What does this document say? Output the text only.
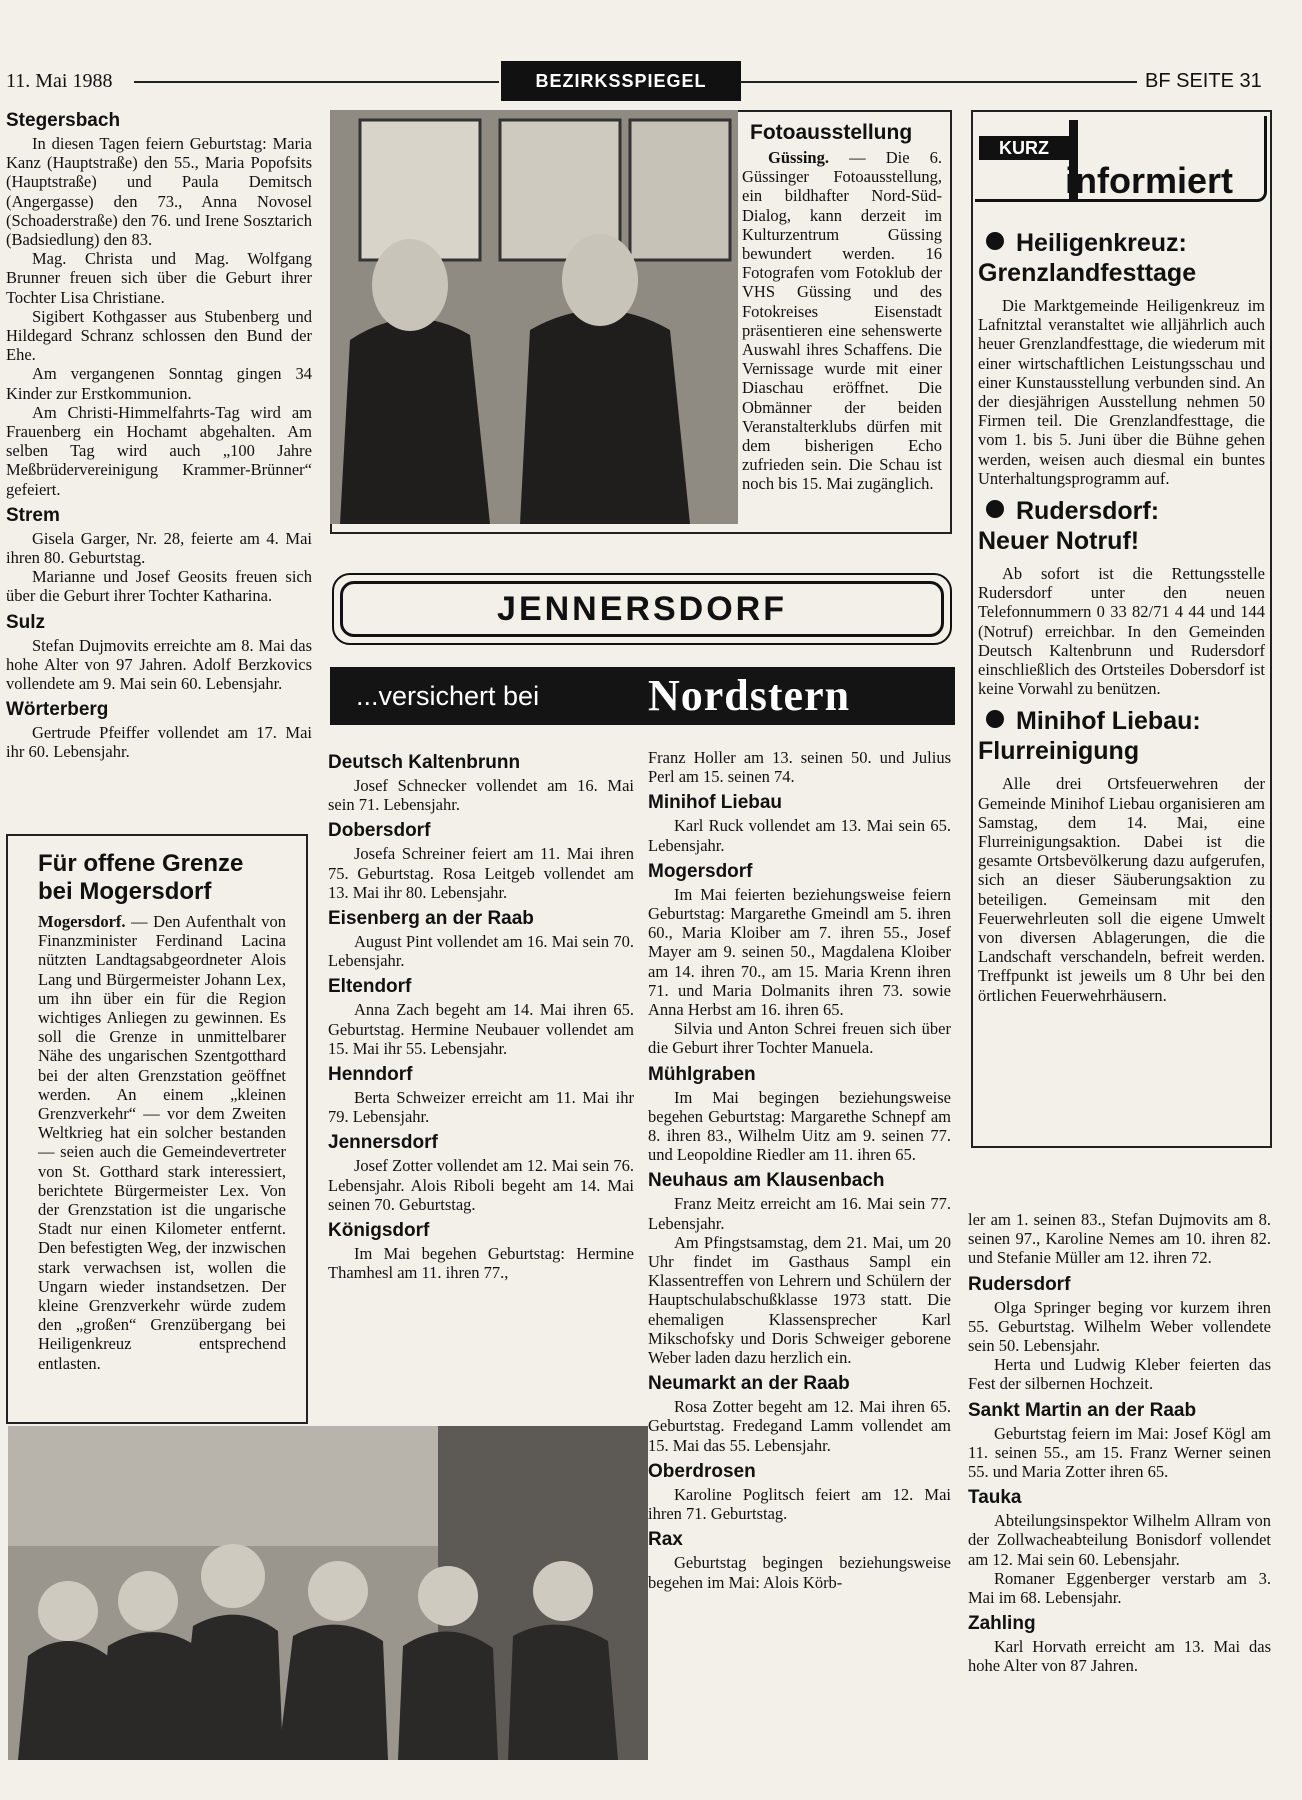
11. Mai 1988	BEZIRKSSPIEGEL	BF SEITE 31
Stegersbach

In diesen Tagen feiern Geburtstag: Maria Kanz (Hauptstraße) den 55., Maria Popofsits (Hauptstraße) und Paula Demitsch (Angergasse) den 73., Anna Novosel (Schoaderstraße) den 76. und Irene Sosztarich (Badsiedlung) den 83.

Mag. Christa und Mag. Wolfgang Brunner freuen sich über die Geburt ihrer Tochter Lisa Christiane.

Sigibert Kothgasser aus Stubenberg und Hildegard Schranz schlossen den Bund der Ehe.

Am vergangenen Sonntag gingen 34 Kinder zur Erstkommunion.

Am Christi-Himmelfahrts-Tag wird am Frauenberg ein Hochamt abgehalten. Am selben Tag wird auch „100 Jahre Meßbrüdervereinigung Krammer-Brünner“ gefeiert.

Strem

Gisela Garger, Nr. 28, feierte am 4. Mai ihren 80. Geburtstag.

Marianne und Josef Geosits freuen sich über die Geburt ihrer Tochter Katharina.

Sulz

Stefan Dujmovits erreichte am 8. Mai das hohe Alter von 97 Jahren. Adolf Berzkovics vollendete am 9. Mai sein 60. Lebensjahr.

Wörterberg

Gertrude Pfeiffer vollendet am 17. Mai ihr 60. Lebensjahr.

Für offene Grenze
bei Mogersdorf

Mogersdorf. — Den Aufenthalt von Finanzminister Ferdinand Lacina nützten Landtagsabgeordneter Alois Lang und Bürgermeister Johann Lex, um ihn über ein für die Region wichtiges Anliegen zu gewinnen. Es soll die Grenze in unmittelbarer Nähe des ungarischen Szentgotthard bei der alten Grenzstation geöffnet werden. An einem „kleinen Grenzverkehr“ — vor dem Zweiten Weltkrieg hat ein solcher bestanden — seien auch die Gemeindevertreter von St. Gotthard stark interessiert, berichtete Bürgermeister Lex. Von der Grenzstation ist die ungarische Stadt nur einen Kilometer entfernt. Den befestigten Weg, der inzwischen stark verwachsen ist, wollen die Ungarn wieder instandsetzen. Der kleine Grenzverkehr würde zudem den „großen“ Grenzübergang bei Heiligenkreuz entsprechend entlasten.

Fotoausstellung

Güssing. — Die 6. Güssinger Fotoausstellung, ein bildhafter Nord-Süd-Dialog, kann derzeit im Kulturzentrum Güssing bewundert werden. 16 Fotografen vom Fotoklub der VHS Güssing und des Fotokreises Eisenstadt präsentieren eine sehenswerte Auswahl ihres Schaffens. Die Vernissage wurde mit einer Diaschau eröffnet. Die Obmänner der beiden Veranstalterklubs dürfen mit dem bisherigen Echo zufrieden sein. Die Schau ist noch bis 15. Mai zugänglich.

JENNERSDORF
...versichert bei Nordstern
Deutsch Kaltenbrunn

Josef Schnecker vollendet am 16. Mai sein 71. Lebensjahr.

Dobersdorf

Josefa Schreiner feiert am 11. Mai ihren 75. Geburtstag. Rosa Leitgeb vollendet am 13. Mai ihr 80. Lebensjahr.

Eisenberg an der Raab

August Pint vollendet am 16. Mai sein 70. Lebensjahr.

Eltendorf

Anna Zach begeht am 14. Mai ihren 65. Geburtstag. Hermine Neubauer vollendet am 15. Mai ihr 55. Lebensjahr.

Henndorf

Berta Schweizer erreicht am 11. Mai ihr 79. Lebensjahr.

Jennersdorf

Josef Zotter vollendet am 12. Mai sein 76. Lebensjahr. Alois Riboli begeht am 14. Mai seinen 70. Geburtstag.

Königsdorf

Im Mai begehen Geburtstag: Hermine Thamhesl am 11. ihren 77.,

Franz Holler am 13. seinen 50. und Julius Perl am 15. seinen 74.

Minihof Liebau

Karl Ruck vollendet am 13. Mai sein 65. Lebensjahr.

Mogersdorf

Im Mai feierten beziehungsweise feiern Geburtstag: Margarethe Gmeindl am 5. ihren 60., Maria Kloiber am 7. ihren 55., Josef Mayer am 9. seinen 50., Magdalena Kloiber am 14. ihren 70., am 15. Maria Krenn ihren 71. und Maria Dolmanits ihren 73. sowie Anna Herbst am 16. ihren 65.

Silvia und Anton Schrei freuen sich über die Geburt ihrer Tochter Manuela.

Mühlgraben

Im Mai begingen beziehungsweise begehen Geburtstag: Margarethe Schnepf am 8. ihren 83., Wilhelm Uitz am 9. seinen 77. und Leopoldine Riedler am 11. ihren 65.

Neuhaus am Klausenbach

Franz Meitz erreicht am 16. Mai sein 77. Lebensjahr.

Am Pfingstsamstag, dem 21. Mai, um 20 Uhr findet im Gasthaus Sampl ein Klassentreffen von Lehrern und Schülern der Hauptschulabschußklasse 1973 statt. Die ehemaligen Klassensprecher Karl Mikschofsky und Doris Schweiger geborene Weber laden dazu herzlich ein.

Neumarkt an der Raab

Rosa Zotter begeht am 12. Mai ihren 65. Geburtstag. Fredegand Lamm vollendet am 15. Mai das 55. Lebensjahr.

Oberdrosen

Karoline Poglitsch feiert am 12. Mai ihren 71. Geburtstag.

Rax

Geburtstag begingen beziehungsweise begehen im Mai: Alois Körb-

KURZ
informiert
Heiligenkreuz:
Grenzlandfesttage

Die Marktgemeinde Heiligenkreuz im Lafnitztal veranstaltet wie alljährlich auch heuer Grenzlandfesttage, die wiederum mit einer wirtschaftlichen Leistungsschau und einer Kunstausstellung verbunden sind. An der diesjährigen Ausstellung nehmen 50 Firmen teil. Die Grenzlandfesttage, die vom 1. bis 5. Juni über die Bühne gehen werden, weisen auch diesmal ein buntes Unterhaltungsprogramm auf.

Rudersdorf:
Neuer Notruf!

Ab sofort ist die Rettungsstelle Rudersdorf unter den neuen Telefonnummern 0 33 82/71 4 44 und 144 (Notruf) erreichbar. In den Gemeinden Deutsch Kaltenbrunn und Rudersdorf einschließlich des Ortsteiles Dobersdorf ist keine Vorwahl zu benützen.

Minihof Liebau:
Flurreinigung

Alle drei Ortsfeuerwehren der Gemeinde Minihof Liebau organisieren am Samstag, dem 14. Mai, eine Flurreinigungsaktion. Dabei ist die gesamte Ortsbevölkerung dazu aufgerufen, sich an dieser Säuberungsaktion zu beteiligen. Gemeinsam mit den Feuerwehrleuten soll die eigene Umwelt von diversen Ablagerungen, die die Landschaft verschandeln, befreit werden. Treffpunkt ist jeweils um 8 Uhr bei den örtlichen Feuerwehrhäusern.

ler am 1. seinen 83., Stefan Dujmovits am 8. seinen 97., Karoline Nemes am 10. ihren 82. und Stefanie Müller am 12. ihren 72.

Rudersdorf

Olga Springer beging vor kurzem ihren 55. Geburtstag. Wilhelm Weber vollendete sein 50. Lebensjahr.

Herta und Ludwig Kleber feierten das Fest der silbernen Hochzeit.

Sankt Martin an der Raab

Geburtstag feiern im Mai: Josef Kögl am 11. seinen 55., am 15. Franz Werner seinen 55. und Maria Zotter ihren 65.

Tauka

Abteilungsinspektor Wilhelm Allram von der Zollwacheabteilung Bonisdorf vollendet am 12. Mai sein 60. Lebensjahr.

Romaner Eggenberger verstarb am 3. Mai im 68. Lebensjahr.

Zahling

Karl Horvath erreicht am 13. Mai das hohe Alter von 87 Jahren.
